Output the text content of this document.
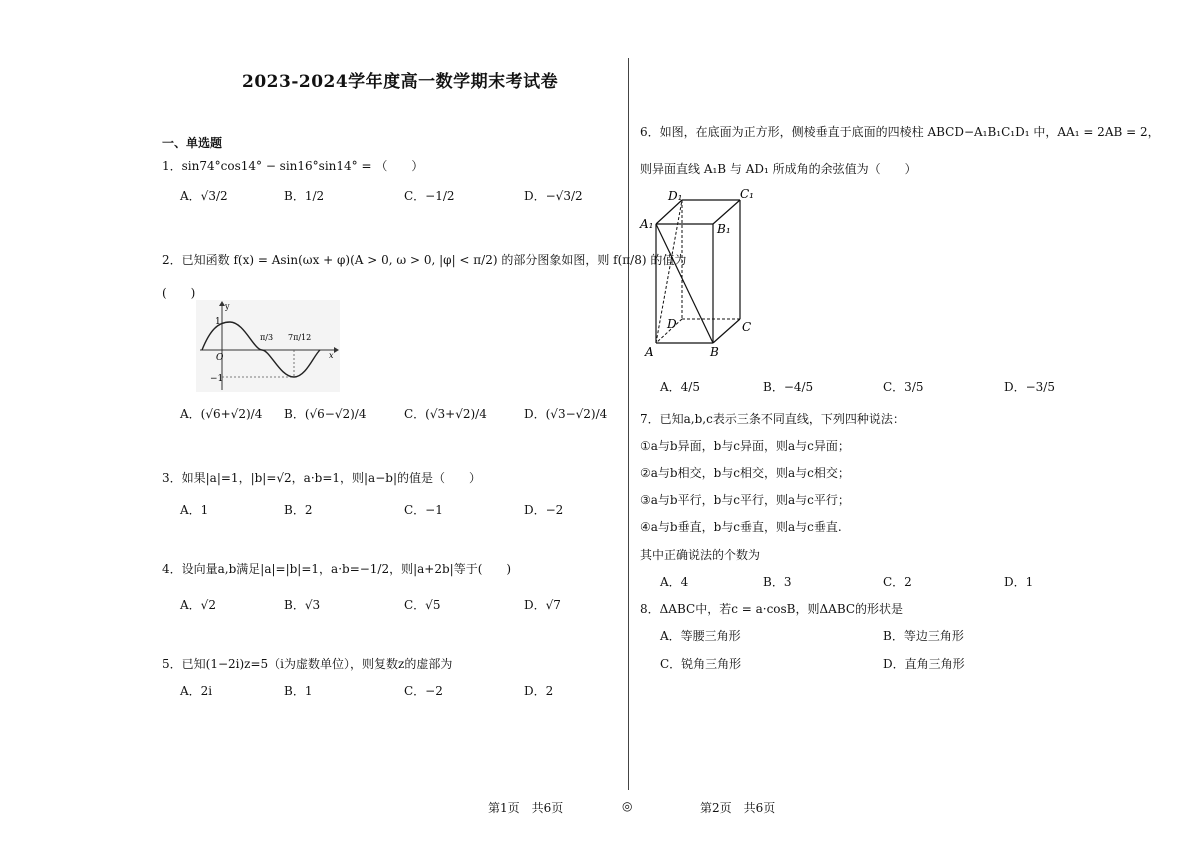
2023-2024学年度高一数学期末考试卷
一、单选题
1．sin74°cos14° − sin16°sin14° = （　　）
A．√3/2	B．1/2	C．−1/2	D．−√3/2
2．已知函数 f(x) = Asin(ωx + φ)(A > 0, ω > 0, |φ| < π/2) 的部分图象如图，则 f(π/8) 的值为
(　　)
y
x
1
O
−1
π/3 7π/12
A．(√6+√2)/4 B．(√6−√2)/4	C．(√3+√2)/4	D．(√3−√2)/4
3．如果|a|=1，|b|=√2，a·b=1，则|a−b|的值是（　　）
A．1	B．2	C．−1	D．−2
4．设向量a,b满足|a|=|b|=1，a·b=−1/2，则|a+2b|等于(　　)
A．√2	B．√3	C．√5	D．√7
5．已知(1−2i)z=5（i为虚数单位），则复数z的虚部为
A．2i	B．1	C．−2	D．2
6．如图，在底面为正方形，侧棱垂直于底面的四棱柱 ABCD−A₁B₁C₁D₁ 中，AA₁ = 2AB = 2，
则异面直线 A₁B 与 AD₁ 所成角的余弦值为（　　）
D₁	C₁
A₁	B₁
D	C
A	B
A．4/5	B．−4/5	C．3/5	D．−3/5
7．已知a,b,c表示三条不同直线，下列四种说法：
①a与b异面，b与c异面，则a与c异面；
②a与b相交，b与c相交，则a与c相交；
③a与b平行，b与c平行，则a与c平行；
④a与b垂直，b与c垂直，则a与c垂直.
其中正确说法的个数为
A．4	B．3	C．2	D．1
8．ΔABC中，若c = a·cosB，则ΔABC的形状是
A．等腰三角形	B．等边三角形
C．锐角三角形	D．直角三角形
第1页　共6页	◎	第2页　共6页
